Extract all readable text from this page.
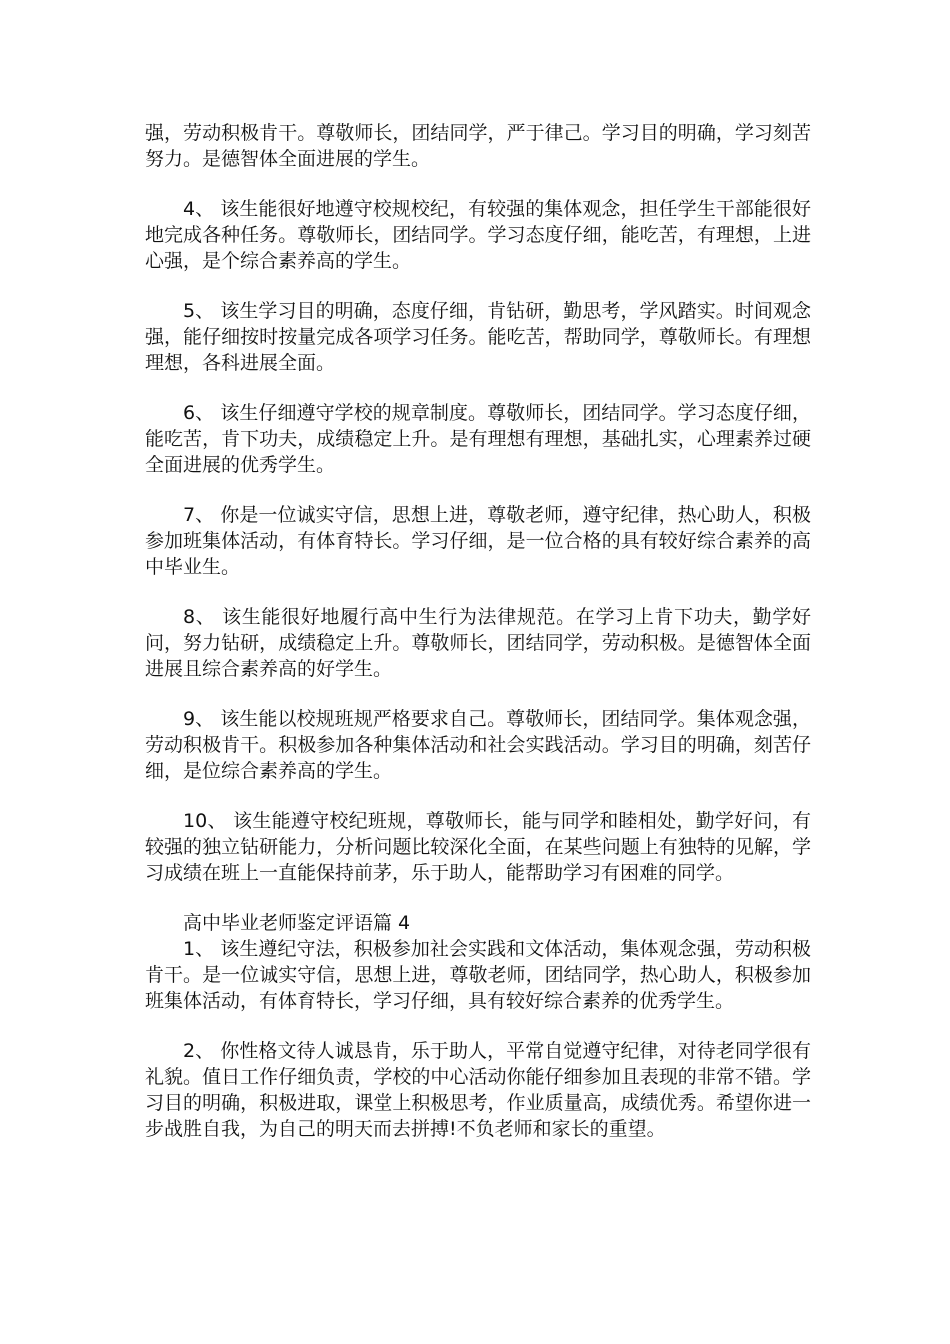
强，劳动积极肯干。尊敬师长，团结同学，严于律己。学习目的明确，学习刻苦努力。是德智体全面进展的学生。

4、 该生能很好地遵守校规校纪，有较强的集体观念，担任学生干部能很好地完成各种任务。尊敬师长，团结同学。学习态度仔细，能吃苦，有理想，上进心强，是个综合素养高的学生。

5、 该生学习目的明确，态度仔细，肯钻研，勤思考，学风踏实。时间观念强，能仔细按时按量完成各项学习任务。能吃苦，帮助同学，尊敬师长。有理想理想，各科进展全面。

6、 该生仔细遵守学校的规章制度。尊敬师长，团结同学。学习态度仔细，能吃苦，肯下功夫，成绩稳定上升。是有理想有理想，基础扎实，心理素养过硬全面进展的优秀学生。

7、 你是一位诚实守信，思想上进，尊敬老师，遵守纪律，热心助人，积极参加班集体活动，有体育特长。学习仔细，是一位合格的具有较好综合素养的高中毕业生。

8、 该生能很好地履行高中生行为法律规范。在学习上肯下功夫，勤学好问，努力钻研，成绩稳定上升。尊敬师长，团结同学，劳动积极。是德智体全面进展且综合素养高的好学生。

9、 该生能以校规班规严格要求自己。尊敬师长，团结同学。集体观念强，劳动积极肯干。积极参加各种集体活动和社会实践活动。学习目的明确，刻苦仔细，是位综合素养高的学生。

10、 该生能遵守校纪班规，尊敬师长，能与同学和睦相处，勤学好问，有较强的独立钻研能力，分析问题比较深化全面，在某些问题上有独特的见解，学习成绩在班上一直能保持前茅，乐于助人，能帮助学习有困难的同学。

高中毕业老师鉴定评语篇 4

1、 该生遵纪守法，积极参加社会实践和文体活动，集体观念强，劳动积极肯干。是一位诚实守信，思想上进，尊敬老师，团结同学，热心助人，积极参加班集体活动，有体育特长，学习仔细，具有较好综合素养的优秀学生。

2、 你性格文待人诚恳肯，乐于助人，平常自觉遵守纪律，对待老同学很有礼貌。值日工作仔细负责，学校的中心活动你能仔细参加且表现的非常不错。学习目的明确，积极进取，课堂上积极思考，作业质量高，成绩优秀。希望你进一步战胜自我，为自己的明天而去拼搏!不负老师和家长的重望。
